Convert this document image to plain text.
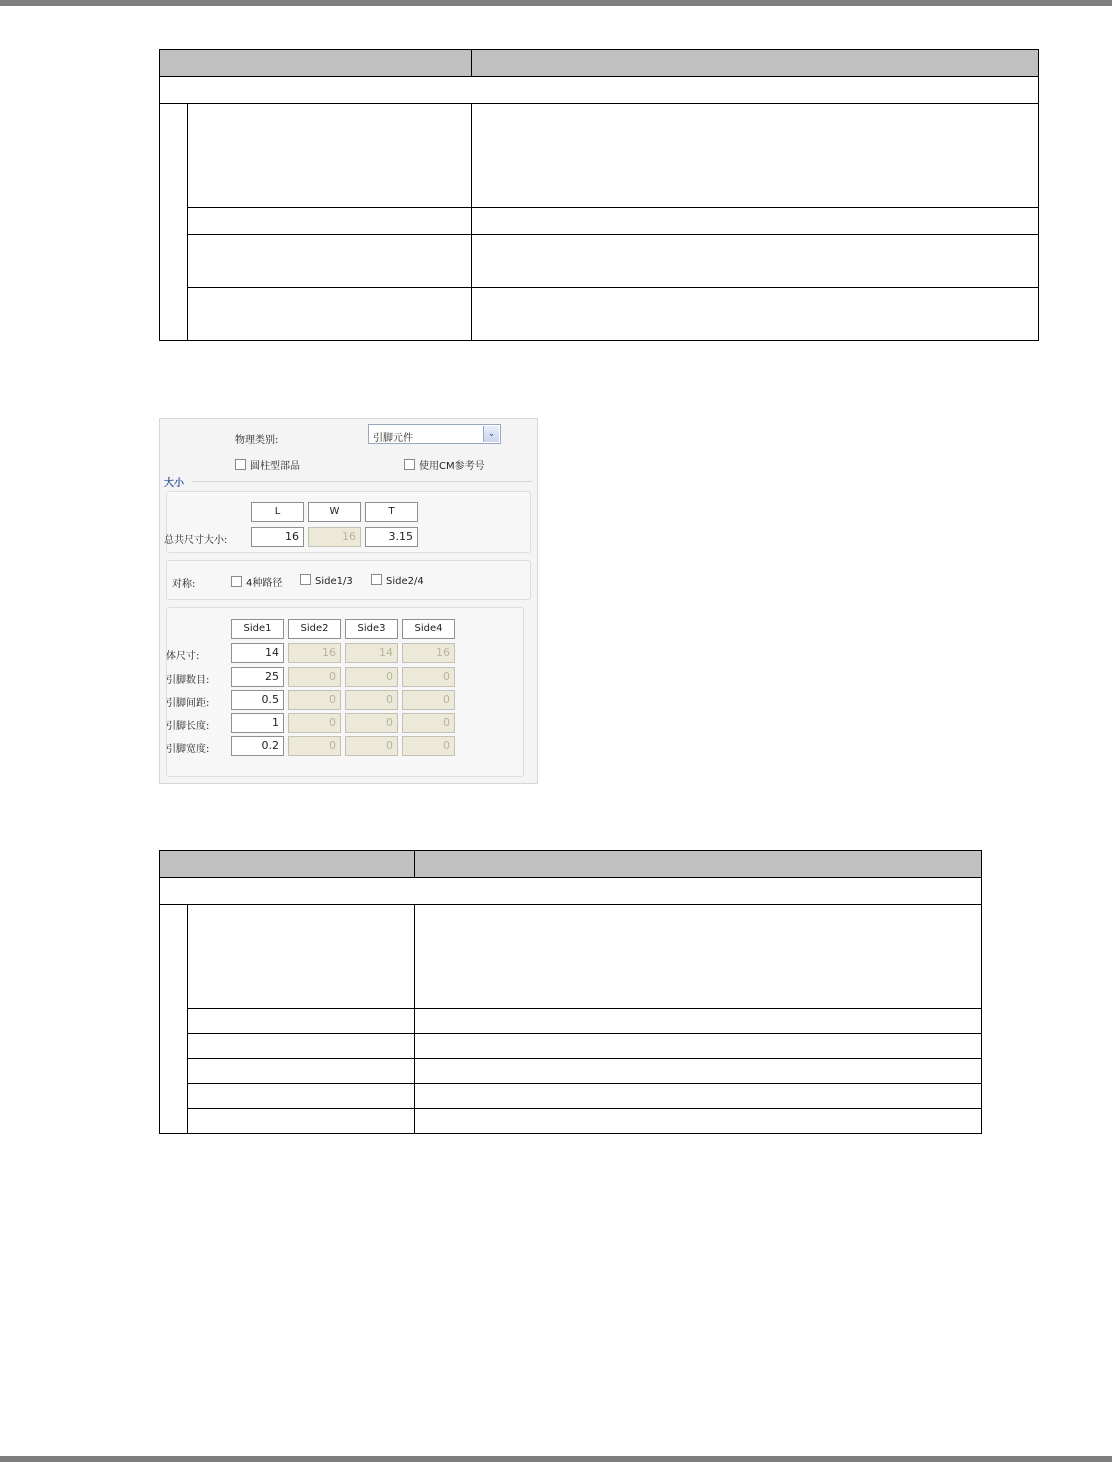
物理类别:	引脚元件	⌄
圆柱型部品	使用CM参考号
大小
L	W	T
总共尺寸大小:	16	16	3.15
对称:	4种路径	Side1/3	Side2/4
Side1	Side2	Side3	Side4
体尺寸:	14	16	14	16
引脚数目:	25	0	0	0
引脚间距:	0.5	0	0	0
引脚长度:	1	0	0	0
引脚宽度:	0.2	0	0	0
